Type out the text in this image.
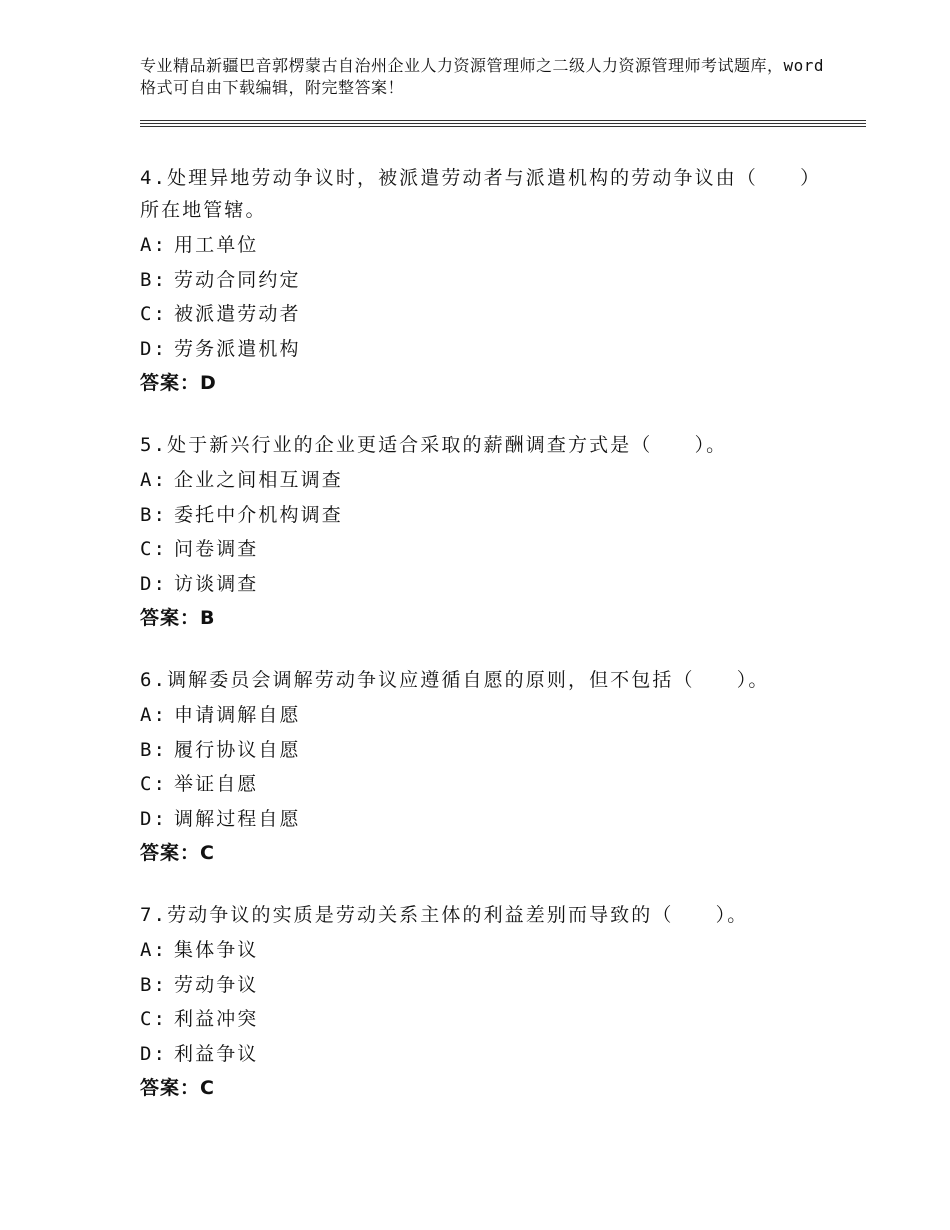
专业精品新疆巴音郭楞蒙古自治州企业人力资源管理师之二级人力资源管理师考试题库，word格式可自由下载编辑，附完整答案！

4.处理异地劳动争议时，被派遣劳动者与派遣机构的劳动争议由（　　）所在地管辖。

A: 用工单位

B: 劳动合同约定

C: 被派遣劳动者

D: 劳务派遣机构

答案：D

5.处于新兴行业的企业更适合采取的薪酬调查方式是（　　）。

A: 企业之间相互调查

B: 委托中介机构调查

C: 问卷调查

D: 访谈调查

答案：B

6.调解委员会调解劳动争议应遵循自愿的原则，但不包括（　　）。

A: 申请调解自愿

B: 履行协议自愿

C: 举证自愿

D: 调解过程自愿

答案：C

7.劳动争议的实质是劳动关系主体的利益差别而导致的（　　）。

A: 集体争议

B: 劳动争议

C: 利益冲突

D: 利益争议

答案：C
